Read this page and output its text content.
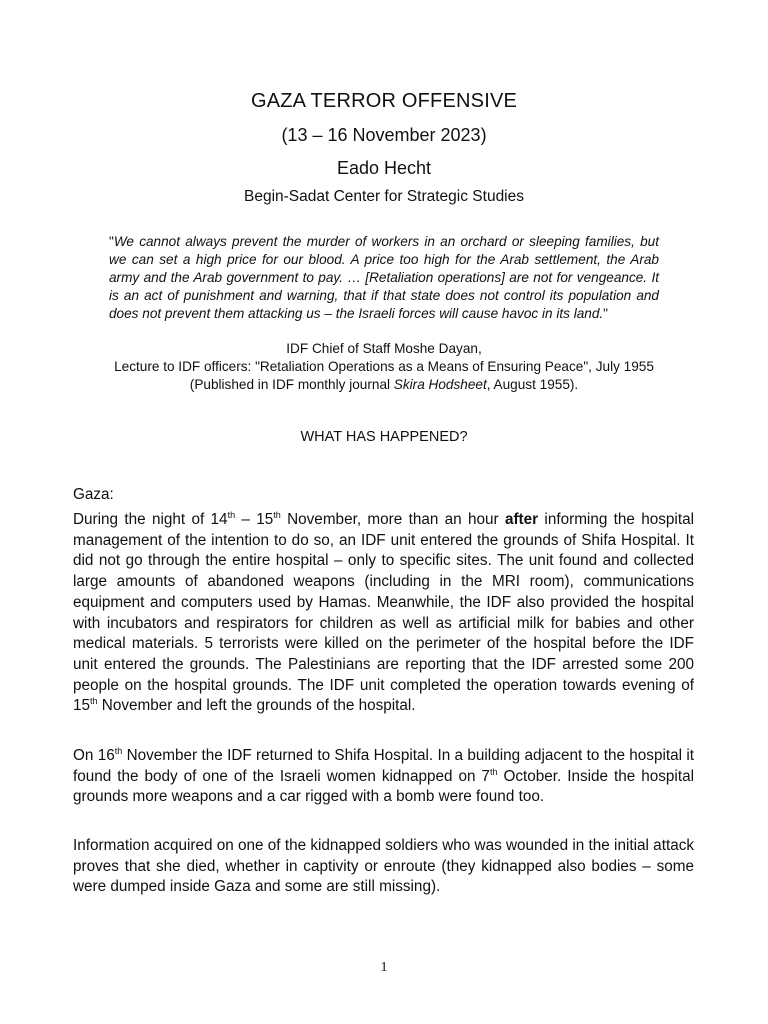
GAZA TERROR OFFENSIVE
(13 – 16 November 2023)
Eado Hecht
Begin-Sadat Center for Strategic Studies
"We cannot always prevent the murder of workers in an orchard or sleeping families, but we can set a high price for our blood. A price too high for the Arab settlement, the Arab army and the Arab government to pay. … [Retaliation operations] are not for vengeance. It is an act of punishment and warning, that if that state does not control its population and does not prevent them attacking us – the Israeli forces will cause havoc in its land."
IDF Chief of Staff Moshe Dayan,
Lecture to IDF officers: "Retaliation Operations as a Means of Ensuring Peace", July 1955
(Published in IDF monthly journal Skira Hodsheet, August 1955).
WHAT HAS HAPPENED?
Gaza:

During the night of 14th – 15th November, more than an hour after informing the hospital management of the intention to do so, an IDF unit entered the grounds of Shifa Hospital. It did not go through the entire hospital – only to specific sites. The unit found and collected large amounts of abandoned weapons (including in the MRI room), communications equipment and computers used by Hamas. Meanwhile, the IDF also provided the hospital with incubators and respirators for children as well as artificial milk for babies and other medical materials. 5 terrorists were killed on the perimeter of the hospital before the IDF unit entered the grounds. The Palestinians are reporting that the IDF arrested some 200 people on the hospital grounds. The IDF unit completed the operation towards evening of 15th November and left the grounds of the hospital.

On 16th November the IDF returned to Shifa Hospital. In a building adjacent to the hospital it found the body of one of the Israeli women kidnapped on 7th October. Inside the hospital grounds more weapons and a car rigged with a bomb were found too.

Information acquired on one of the kidnapped soldiers who was wounded in the initial attack proves that she died, whether in captivity or enroute (they kidnapped also bodies – some were dumped inside Gaza and some are still missing).

1
